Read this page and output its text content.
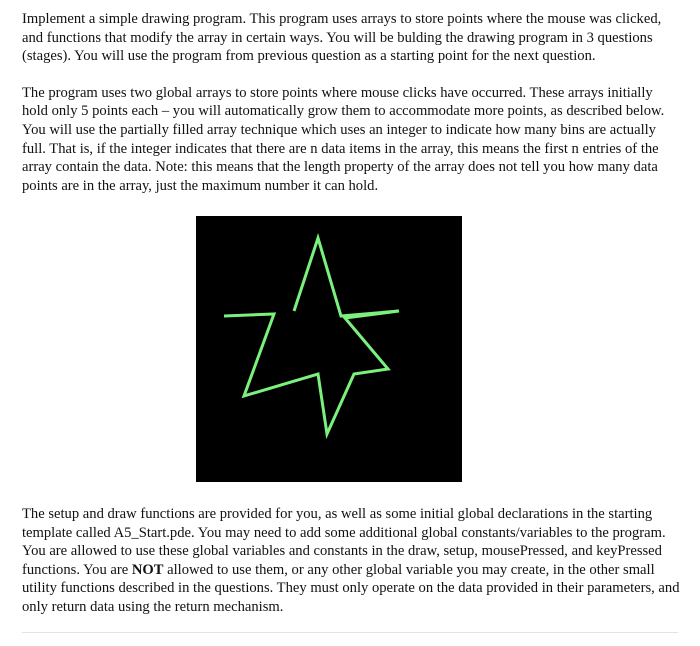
Implement a simple drawing program. This program uses arrays to store points where the mouse was clicked, and functions that modify the array in certain ways. You will be bulding the drawing program in 3 questions (stages). You will use the program from previous question as a starting point for the next question.

The program uses two global arrays to store points where mouse clicks have occurred. These arrays initially hold only 5 points each – you will automatically grow them to accommodate more points, as described below. You will use the partially filled array technique which uses an integer to indicate how many bins are actually full. That is, if the integer indicates that there are n data items in the array, this means the first n entries of the array contain the data. Note: this means that the length property of the array does not tell you how many data points are in the array, just the maximum number it can hold.

The setup and draw functions are provided for you, as well as some initial global declarations in the starting template called A5_Start.pde. You may need to add some additional global constants/variables to the program. You are allowed to use these global variables and constants in the draw, setup, mousePressed, and keyPressed functions. You are NOT allowed to use them, or any other global variable you may create, in the other small utility functions described in the questions. They must only operate on the data provided in their parameters, and only return data using the return mechanism.
